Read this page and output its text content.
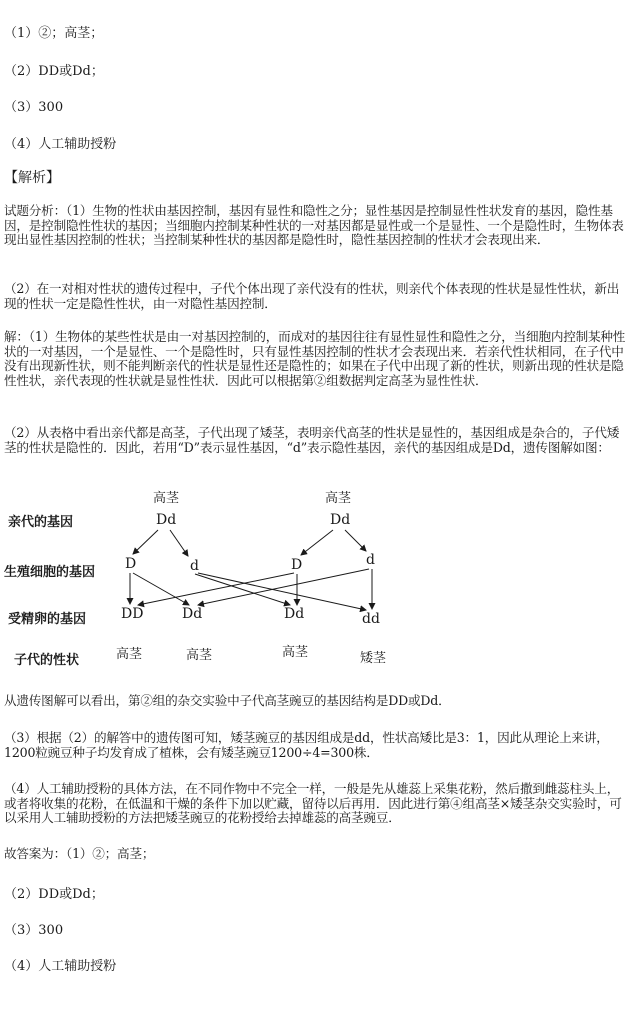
（1）②；高茎；
（2）DD或Dd；
（3）300
（4）人工辅助授粉
【解析】
试题分析：（1）生物的性状由基因控制，基因有显性和隐性之分；显性基因是控制显性性状发育的基因，隐性基因，是控制隐性性状的基因；当细胞内控制某种性状的一对基因都是显性或一个是显性、一个是隐性时，生物体表现出显性基因控制的性状；当控制某种性状的基因都是隐性时，隐性基因控制的性状才会表现出来．
（2）在一对相对性状的遗传过程中，子代个体出现了亲代没有的性状，则亲代个体表现的性状是显性性状，新出现的性状一定是隐性性状，由一对隐性基因控制．
解：（1）生物体的某些性状是由一对基因控制的，而成对的基因往往有显性显性和隐性之分，当细胞内控制某种性状的一对基因，一个是显性、一个是隐性时，只有显性基因控制的性状才会表现出来．若亲代性状相同，在子代中没有出现新性状，则不能判断亲代的性状是显性还是隐性的；如果在子代中出现了新的性状，则新出现的性状是隐性性状，亲代表现的性状就是显性性状．因此可以根据第②组数据判定高茎为显性性状．
（2）从表格中看出亲代都是高茎，子代出现了矮茎，表明亲代高茎的性状是显性的，基因组成是杂合的，子代矮茎的性状是隐性的．因此，若用“D”表示显性基因，“d”表示隐性基因，亲代的基因组成是Dd，遗传图解如图：
亲代的基因
生殖细胞的基因
受精卵的基因
子代的性状
高茎	高茎
Dd	Dd
D	d	D	d
DD	Dd	Dd	dd
高茎	高茎	高茎	矮茎
从遗传图解可以看出，第②组的杂交实验中子代高茎豌豆的基因结构是DD或Dd．
（3）根据（2）的解答中的遗传图可知，矮茎豌豆的基因组成是dd，性状高矮比是3：1，因此从理论上来讲，1200粒豌豆种子均发育成了植株，会有矮茎豌豆1200÷4=300株．
（4）人工辅助授粉的具体方法，在不同作物中不完全一样，一般是先从雄蕊上采集花粉，然后撒到雌蕊柱头上，或者将收集的花粉，在低温和干燥的条件下加以贮藏，留待以后再用．因此进行第④组高茎×矮茎杂交实验时，可以采用人工辅助授粉的方法把矮茎豌豆的花粉授给去掉雄蕊的高茎豌豆．
故答案为：（1）②；高茎；
（2）DD或Dd；
（3）300
（4）人工辅助授粉
